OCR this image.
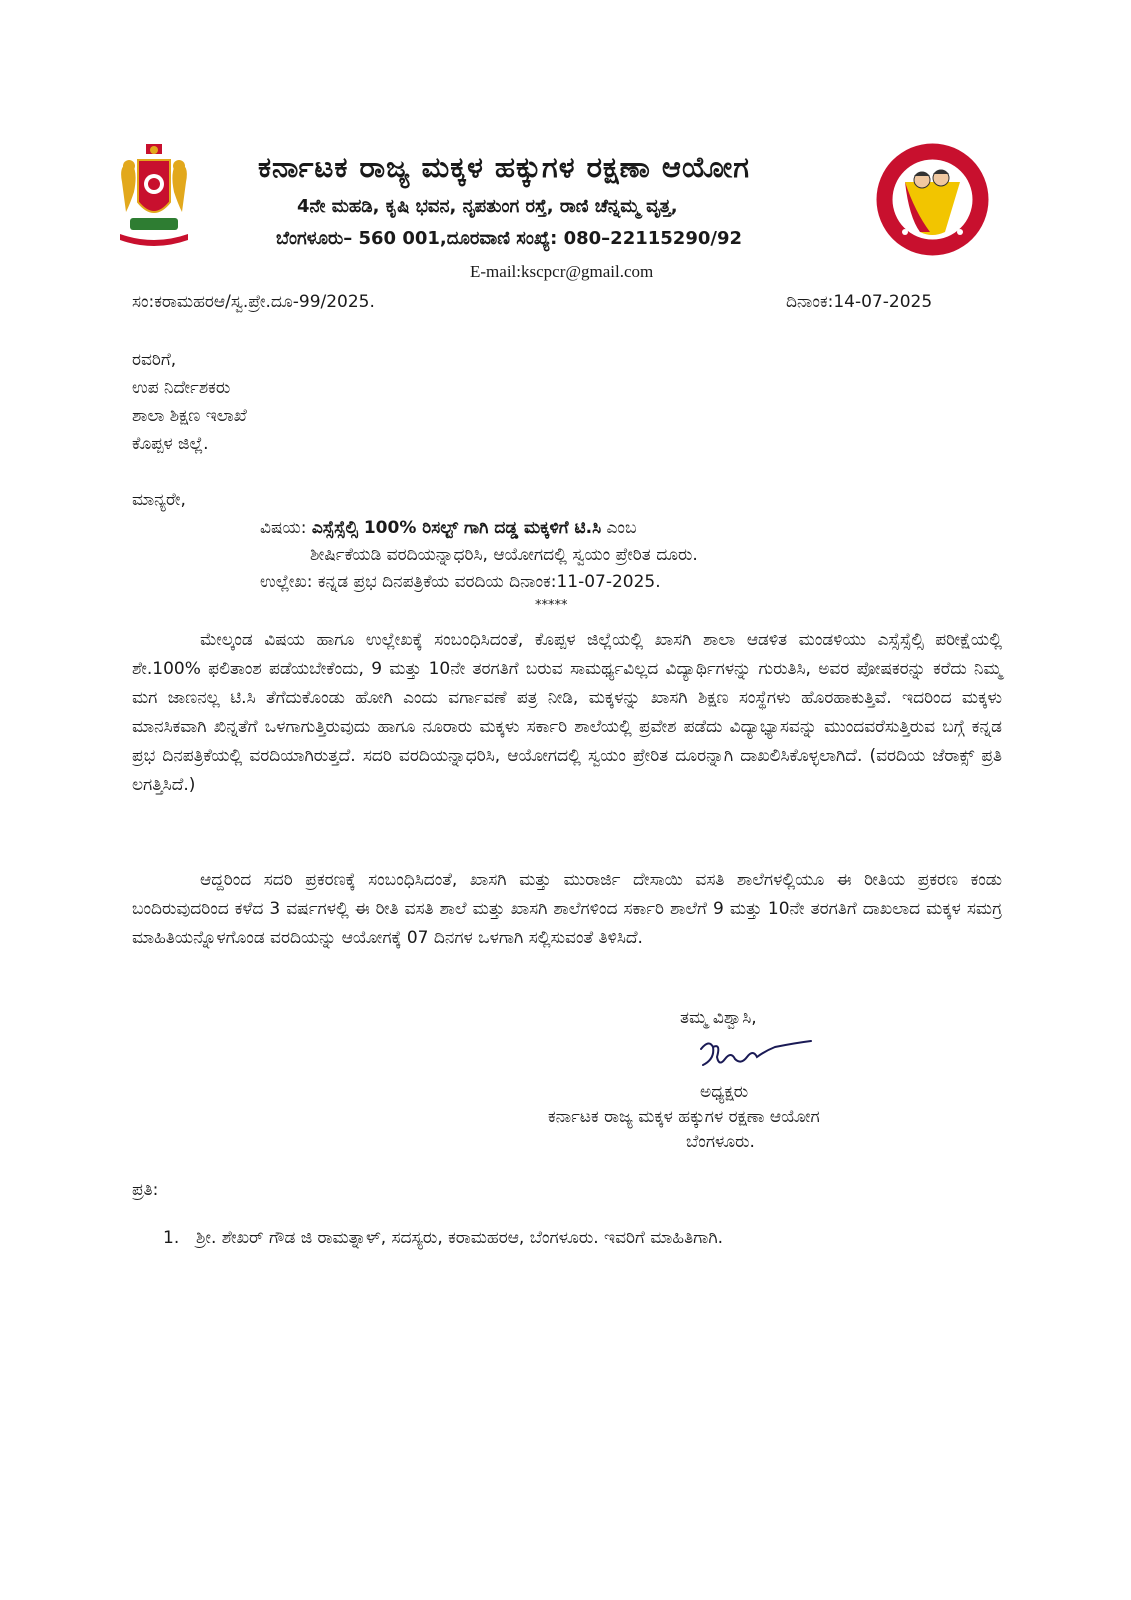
ಕರ್ನಾಟಕ ರಾಜ್ಯ ಮಕ್ಕಳ ಹಕ್ಕುಗಳ ರಕ್ಷಣಾ ಆಯೋಗ
4ನೇ ಮಹಡಿ, ಕೃಷಿ ಭವನ, ನೃಪತುಂಗ ರಸ್ತೆ, ರಾಣಿ ಚೆನ್ನಮ್ಮ ವೃತ್ತ,
ಬೆಂಗಳೂರು– 560 001,ದೂರವಾಣಿ ಸಂಖ್ಯೆ: 080–22115290/92
E-mail:kscpcr@gmail.com
ಸಂ:ಕರಾಮಹರಆ/ಸ್ವ.ಪ್ರೇ.ದೂ-99/2025.	ದಿನಾಂಕ:14-07-2025
ರವರಿಗೆ,
ಉಪ ನಿರ್ದೇಶಕರು
ಶಾಲಾ ಶಿಕ್ಷಣ ಇಲಾಖೆ
ಕೊಪ್ಪಳ ಜಿಲ್ಲೆ.
ಮಾನ್ಯರೇ,
ವಿಷಯ: ಎಸ್ಸೆಸ್ಸೆಲ್ಸಿ 100% ರಿಸಲ್ಟ್ ಗಾಗಿ ದಡ್ಡ ಮಕ್ಕಳಿಗೆ ಟಿ.ಸಿ ಎಂಬ
ಶೀರ್ಷಿಕೆಯಡಿ ವರದಿಯನ್ನಾಧರಿಸಿ, ಆಯೋಗದಲ್ಲಿ ಸ್ವಯಂ ಪ್ರೇರಿತ ದೂರು.
ಉಲ್ಲೇಖ: ಕನ್ನಡ ಪ್ರಭ ದಿನಪತ್ರಿಕೆಯ ವರದಿಯ ದಿನಾಂಕ:11-07-2025.
*****
ಮೇಲ್ಕಂಡ ವಿಷಯ ಹಾಗೂ ಉಲ್ಲೇಖಕ್ಕೆ ಸಂಬಂಧಿಸಿದಂತೆ, ಕೊಪ್ಪಳ ಜಿಲ್ಲೆಯಲ್ಲಿ ಖಾಸಗಿ ಶಾಲಾ ಆಡಳಿತ ಮಂಡಳಿಯು ಎಸ್ಸೆಸ್ಸೆಲ್ಸಿ ಪರೀಕ್ಷೆಯಲ್ಲಿ ಶೇ.100% ಫಲಿತಾಂಶ ಪಡೆಯಬೇಕೆಂದು, 9 ಮತ್ತು 10ನೇ ತರಗತಿಗೆ ಬರುವ ಸಾಮರ್ಥ್ಯವಿಲ್ಲದ ವಿದ್ಯಾರ್ಥಿಗಳನ್ನು ಗುರುತಿಸಿ, ಅವರ ಪೋಷಕರನ್ನು ಕರೆದು ನಿಮ್ಮ ಮಗ ಜಾಣನಲ್ಲ ಟಿ.ಸಿ ತೆಗೆದುಕೊಂಡು ಹೋಗಿ ಎಂದು ವರ್ಗಾವಣೆ ಪತ್ರ ನೀಡಿ, ಮಕ್ಕಳನ್ನು ಖಾಸಗಿ ಶಿಕ್ಷಣ ಸಂಸ್ಥೆಗಳು ಹೊರಹಾಕುತ್ತಿವೆ. ಇದರಿಂದ ಮಕ್ಕಳು ಮಾನಸಿಕವಾಗಿ ಖಿನ್ನತೆಗೆ ಒಳಗಾಗುತ್ತಿರುವುದು ಹಾಗೂ ನೂರಾರು ಮಕ್ಕಳು ಸರ್ಕಾರಿ ಶಾಲೆಯಲ್ಲಿ ಪ್ರವೇಶ ಪಡೆದು ವಿದ್ಯಾಭ್ಯಾಸವನ್ನು ಮುಂದವರೆಸುತ್ತಿರುವ ಬಗ್ಗೆ ಕನ್ನಡ ಪ್ರಭ ದಿನಪತ್ರಿಕೆಯಲ್ಲಿ ವರದಿಯಾಗಿರುತ್ತದೆ. ಸದರಿ ವರದಿಯನ್ನಾಧರಿಸಿ, ಆಯೋಗದಲ್ಲಿ ಸ್ವಯಂ ಪ್ರೇರಿತ ದೂರನ್ನಾಗಿ ದಾಖಲಿಸಿಕೊಳ್ಳಲಾಗಿದೆ. (ವರದಿಯ ಜೆರಾಕ್ಸ್ ಪ್ರತಿ ಲಗತ್ತಿಸಿದೆ.)
ಆದ್ದರಿಂದ ಸದರಿ ಪ್ರಕರಣಕ್ಕೆ ಸಂಬಂಧಿಸಿದಂತೆ, ಖಾಸಗಿ ಮತ್ತು ಮುರಾರ್ಜಿ ದೇಸಾಯಿ ವಸತಿ ಶಾಲೆಗಳಲ್ಲಿಯೂ ಈ ರೀತಿಯ ಪ್ರಕರಣ ಕಂಡು ಬಂದಿರುವುದರಿಂದ ಕಳೆದ 3 ವರ್ಷಗಳಲ್ಲಿ ಈ ರೀತಿ ವಸತಿ ಶಾಲೆ ಮತ್ತು ಖಾಸಗಿ ಶಾಲೆಗಳಿಂದ ಸರ್ಕಾರಿ ಶಾಲೆಗೆ 9 ಮತ್ತು 10ನೇ ತರಗತಿಗೆ ದಾಖಲಾದ ಮಕ್ಕಳ ಸಮಗ್ರ ಮಾಹಿತಿಯನ್ನೊಳಗೊಂಡ ವರದಿಯನ್ನು ಆಯೋಗಕ್ಕೆ 07 ದಿನಗಳ ಒಳಗಾಗಿ ಸಲ್ಲಿಸುವಂತೆ ತಿಳಿಸಿದೆ.
ತಮ್ಮ ವಿಶ್ವಾಸಿ,
ಅಧ್ಯಕ್ಷರು
ಕರ್ನಾಟಕ ರಾಜ್ಯ ಮಕ್ಕಳ ಹಕ್ಕುಗಳ ರಕ್ಷಣಾ ಆಯೋಗ
ಬೆಂಗಳೂರು.
ಪ್ರತಿ:
1. ಶ್ರೀ. ಶೇಖರ್ ಗೌಡ ಜಿ ರಾಮತ್ನಾಳ್, ಸದಸ್ಯರು, ಕರಾಮಹರಆ, ಬೆಂಗಳೂರು. ಇವರಿಗೆ ಮಾಹಿತಿಗಾಗಿ.
